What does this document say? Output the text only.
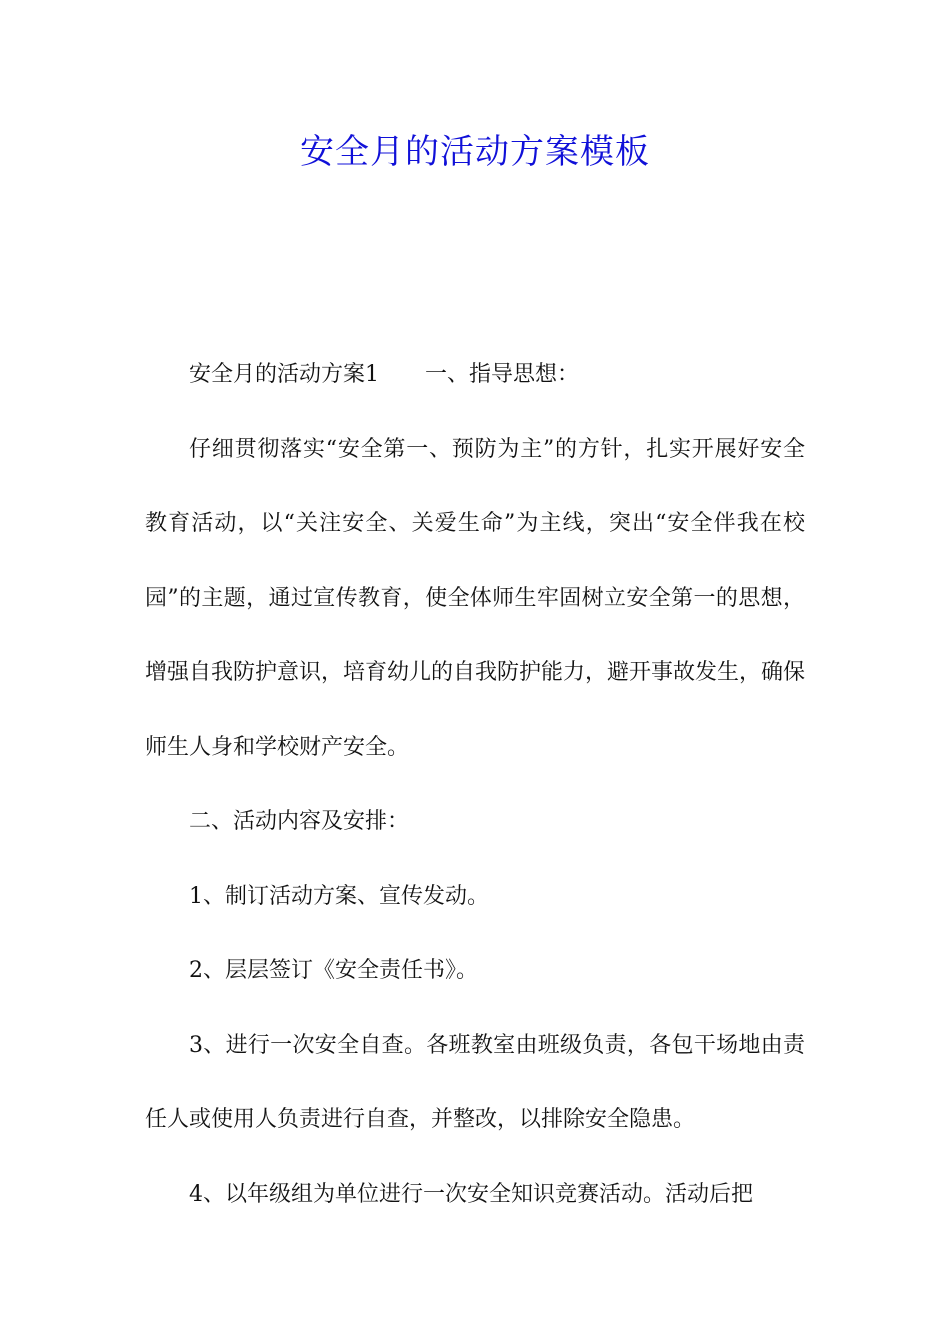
安全月的活动方案模板

安全月的活动方案1 一、指导思想：

仔细贯彻落实“安全第一、预防为主”的方针，扎实开展好安全教育活动，以“关注安全、关爱生命”为主线，突出“安全伴我在校园”的主题，通过宣传教育，使全体师生牢固树立安全第一的思想，增强自我防护意识，培育幼儿的自我防护能力，避开事故发生，确保师生人身和学校财产安全。

二、活动内容及安排：

1、制订活动方案、宣传发动。

2、层层签订《安全责任书》。

3、进行一次安全自查。各班教室由班级负责，各包干场地由责任人或使用人负责进行自查，并整改，以排除安全隐患。

4、以年级组为单位进行一次安全知识竞赛活动。活动后把
